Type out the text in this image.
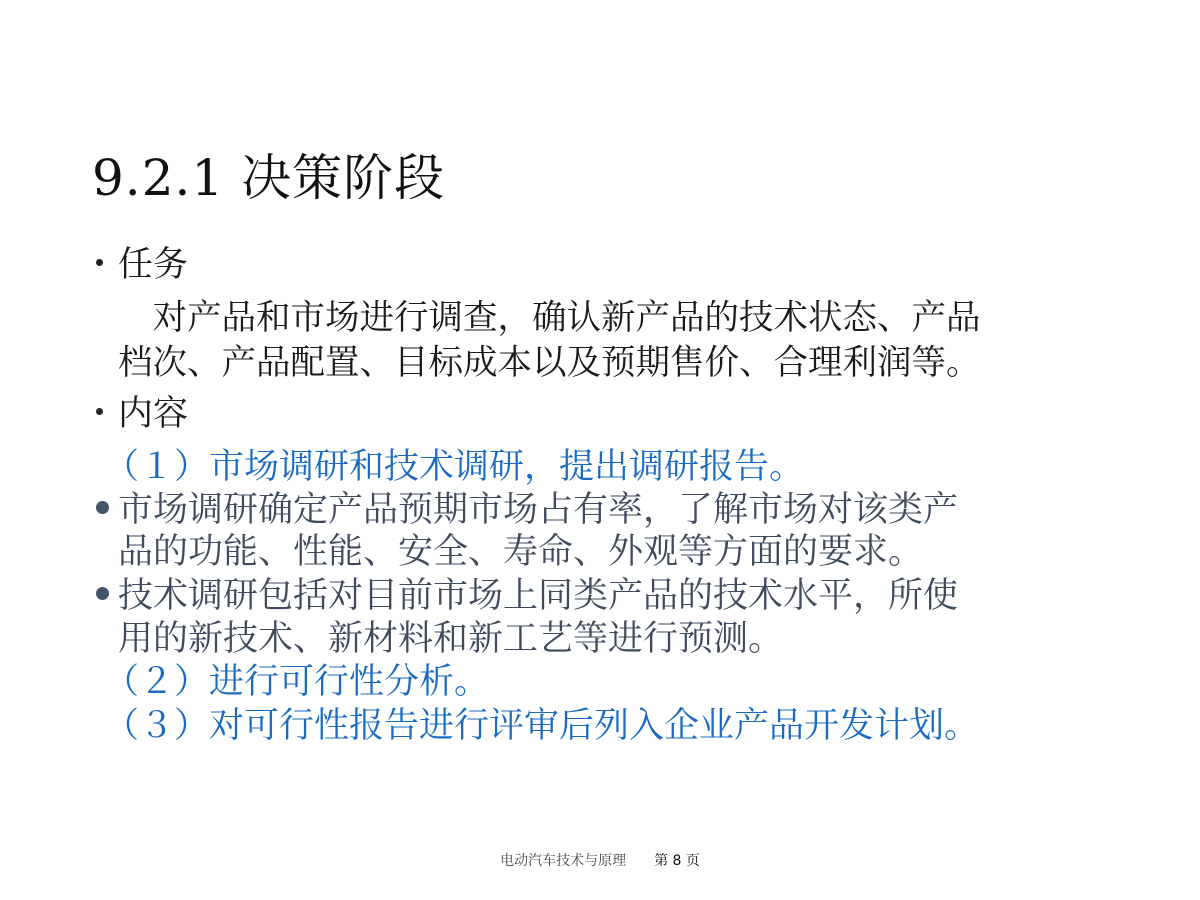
9.2.1 决策阶段
任务
　对产品和市场进行调查，确认新产品的技术状态、产品
档次、产品配置、目标成本以及预期售价、合理利润等。
内容
（１）市场调研和技术调研，提出调研报告。
市场调研确定产品预期市场占有率，了解市场对该类产
品的功能、性能、安全、寿命、外观等方面的要求。
技术调研包括对目前市场上同类产品的技术水平，所使
用的新技术、新材料和新工艺等进行预测。
（２）进行可行性分析。
（３）对可行性报告进行评审后列入企业产品开发计划。
电动汽车技术与原理 第 8 页
